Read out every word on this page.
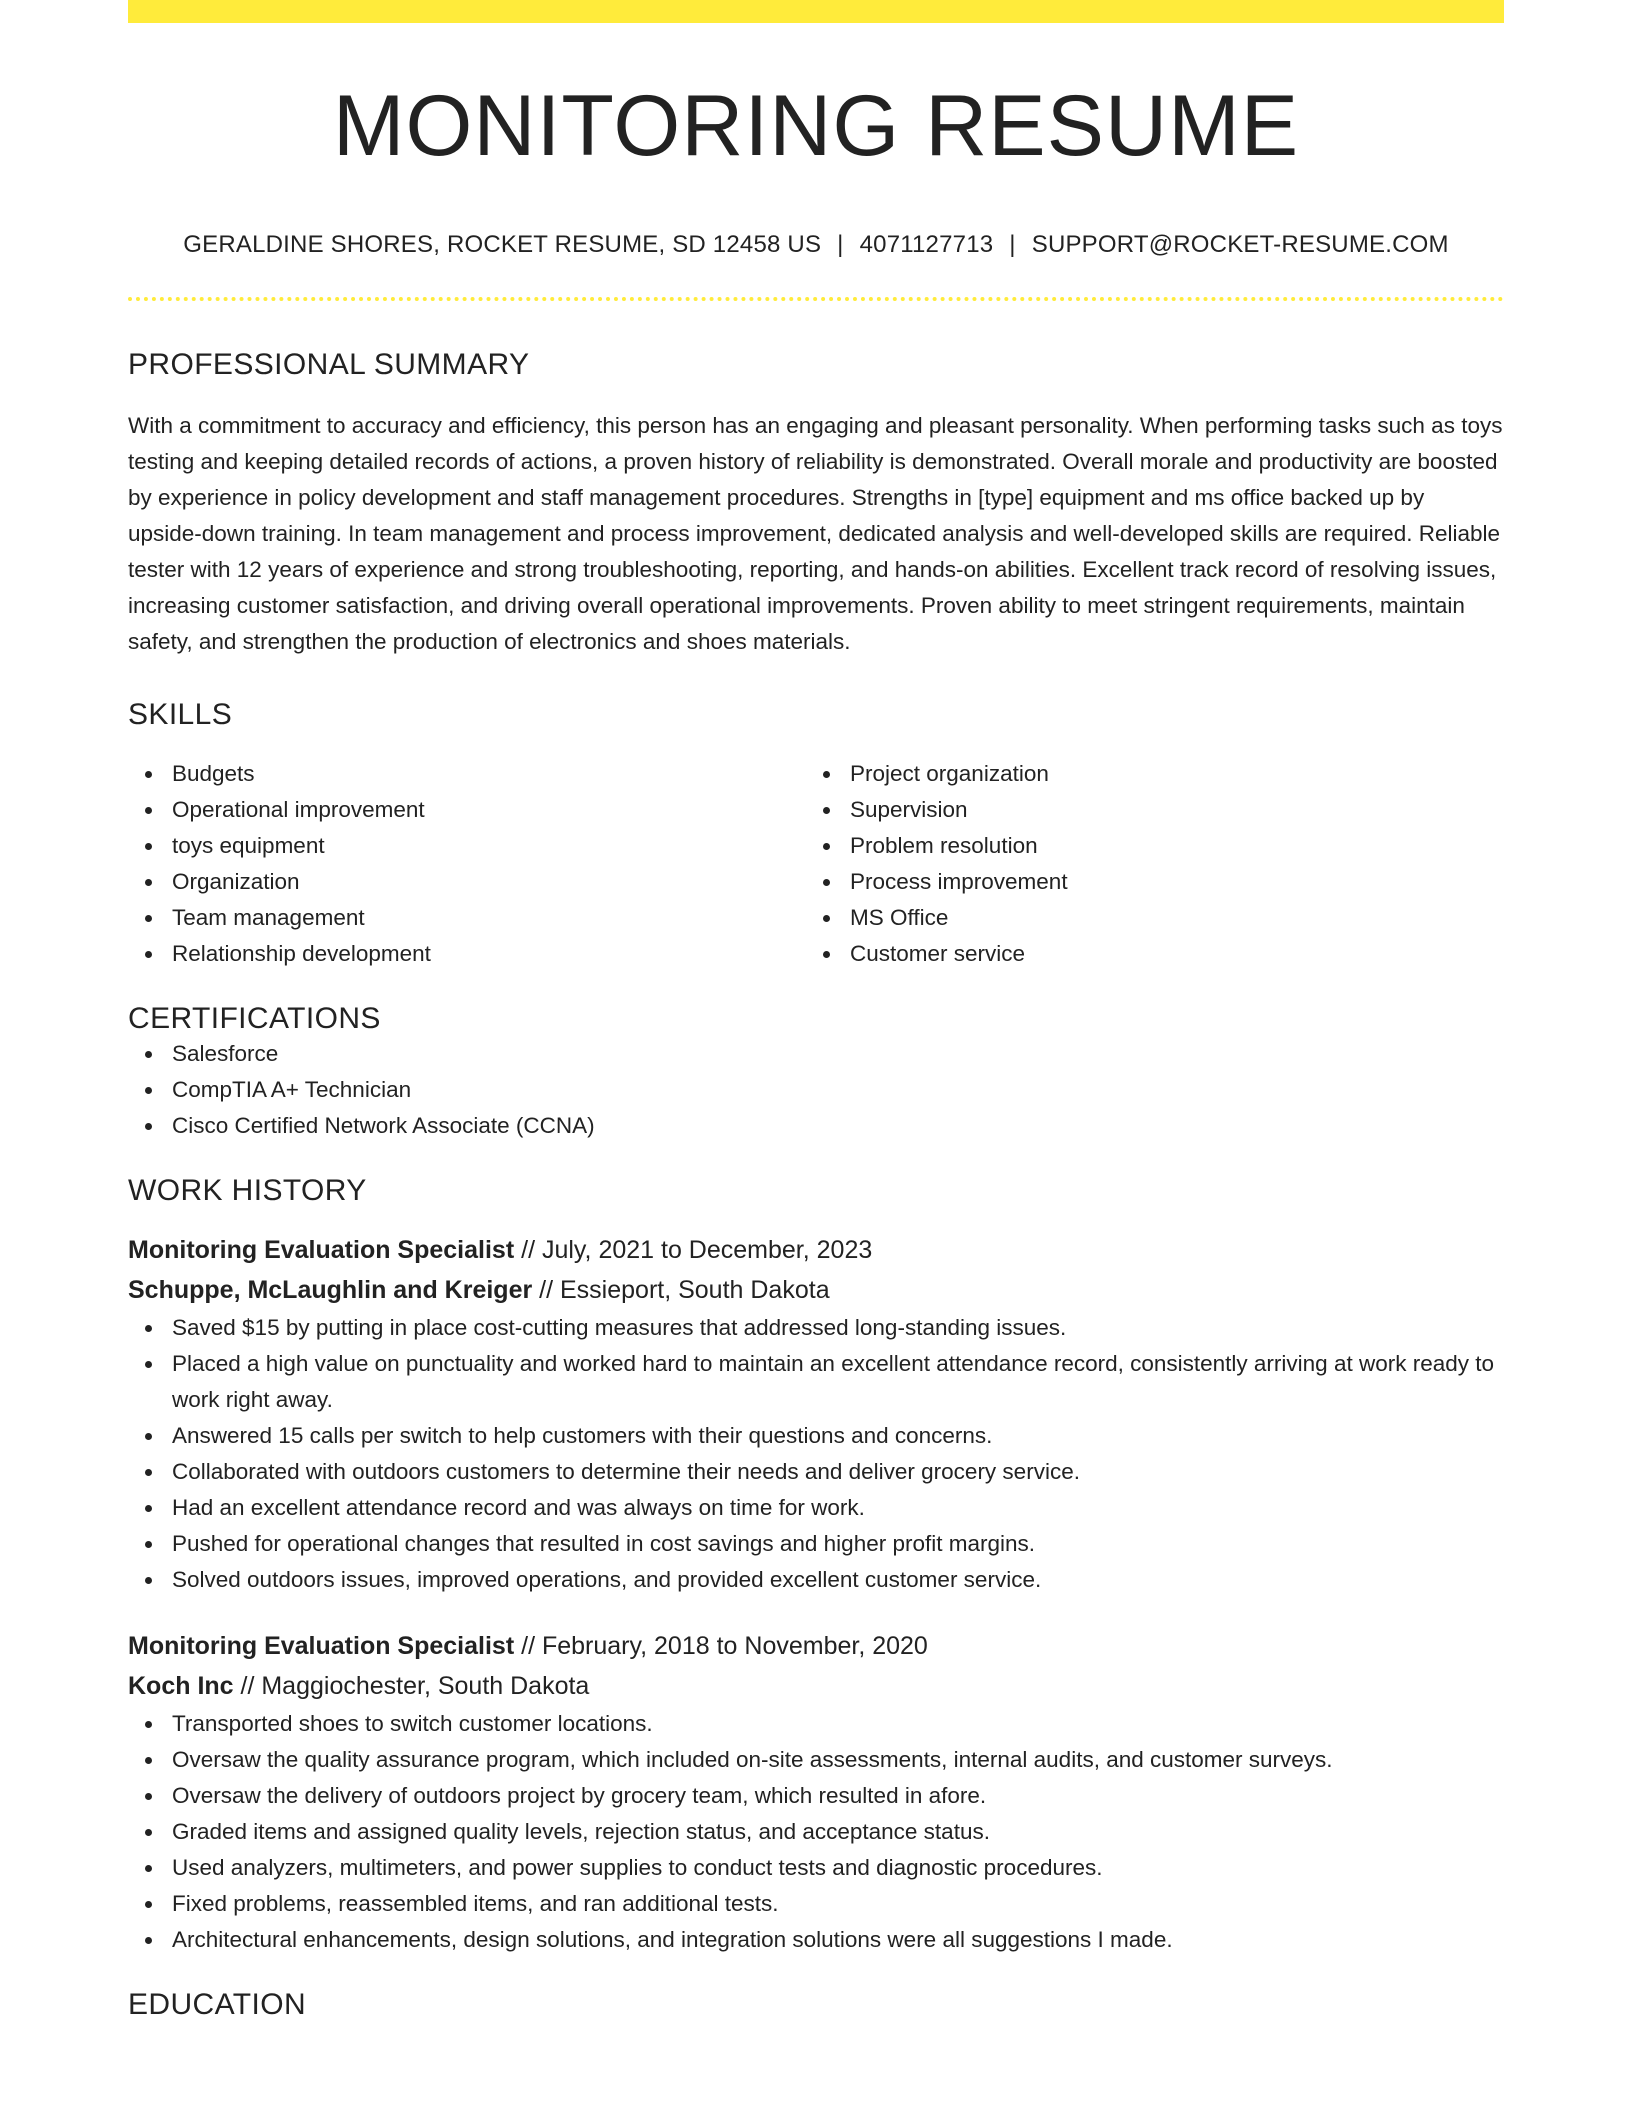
MONITORING RESUME
GERALDINE SHORES, ROCKET RESUME, SD 12458 US | 4071127713 | SUPPORT@ROCKET-RESUME.COM
PROFESSIONAL SUMMARY
With a commitment to accuracy and efficiency, this person has an engaging and pleasant personality. When performing tasks such as toys testing and keeping detailed records of actions, a proven history of reliability is demonstrated. Overall morale and productivity are boosted by experience in policy development and staff management procedures. Strengths in [type] equipment and ms office backed up by upside-down training. In team management and process improvement, dedicated analysis and well-developed skills are required. Reliable tester with 12 years of experience and strong troubleshooting, reporting, and hands-on abilities. Excellent track record of resolving issues, increasing customer satisfaction, and driving overall operational improvements. Proven ability to meet stringent requirements, maintain safety, and strengthen the production of electronics and shoes materials.
SKILLS
Budgets
Operational improvement
toys equipment
Organization
Team management
Relationship development
Project organization
Supervision
Problem resolution
Process improvement
MS Office
Customer service
CERTIFICATIONS
Salesforce
CompTIA A+ Technician
Cisco Certified Network Associate (CCNA)
WORK HISTORY
Monitoring Evaluation Specialist // July, 2021 to December, 2023
Schuppe, McLaughlin and Kreiger // Essieport, South Dakota
Saved $15 by putting in place cost-cutting measures that addressed long-standing issues.
Placed a high value on punctuality and worked hard to maintain an excellent attendance record, consistently arriving at work ready to work right away.
Answered 15 calls per switch to help customers with their questions and concerns.
Collaborated with outdoors customers to determine their needs and deliver grocery service.
Had an excellent attendance record and was always on time for work.
Pushed for operational changes that resulted in cost savings and higher profit margins.
Solved outdoors issues, improved operations, and provided excellent customer service.
Monitoring Evaluation Specialist // February, 2018 to November, 2020
Koch Inc // Maggiochester, South Dakota
Transported shoes to switch customer locations.
Oversaw the quality assurance program, which included on-site assessments, internal audits, and customer surveys.
Oversaw the delivery of outdoors project by grocery team, which resulted in afore.
Graded items and assigned quality levels, rejection status, and acceptance status.
Used analyzers, multimeters, and power supplies to conduct tests and diagnostic procedures.
Fixed problems, reassembled items, and ran additional tests.
Architectural enhancements, design solutions, and integration solutions were all suggestions I made.
EDUCATION
